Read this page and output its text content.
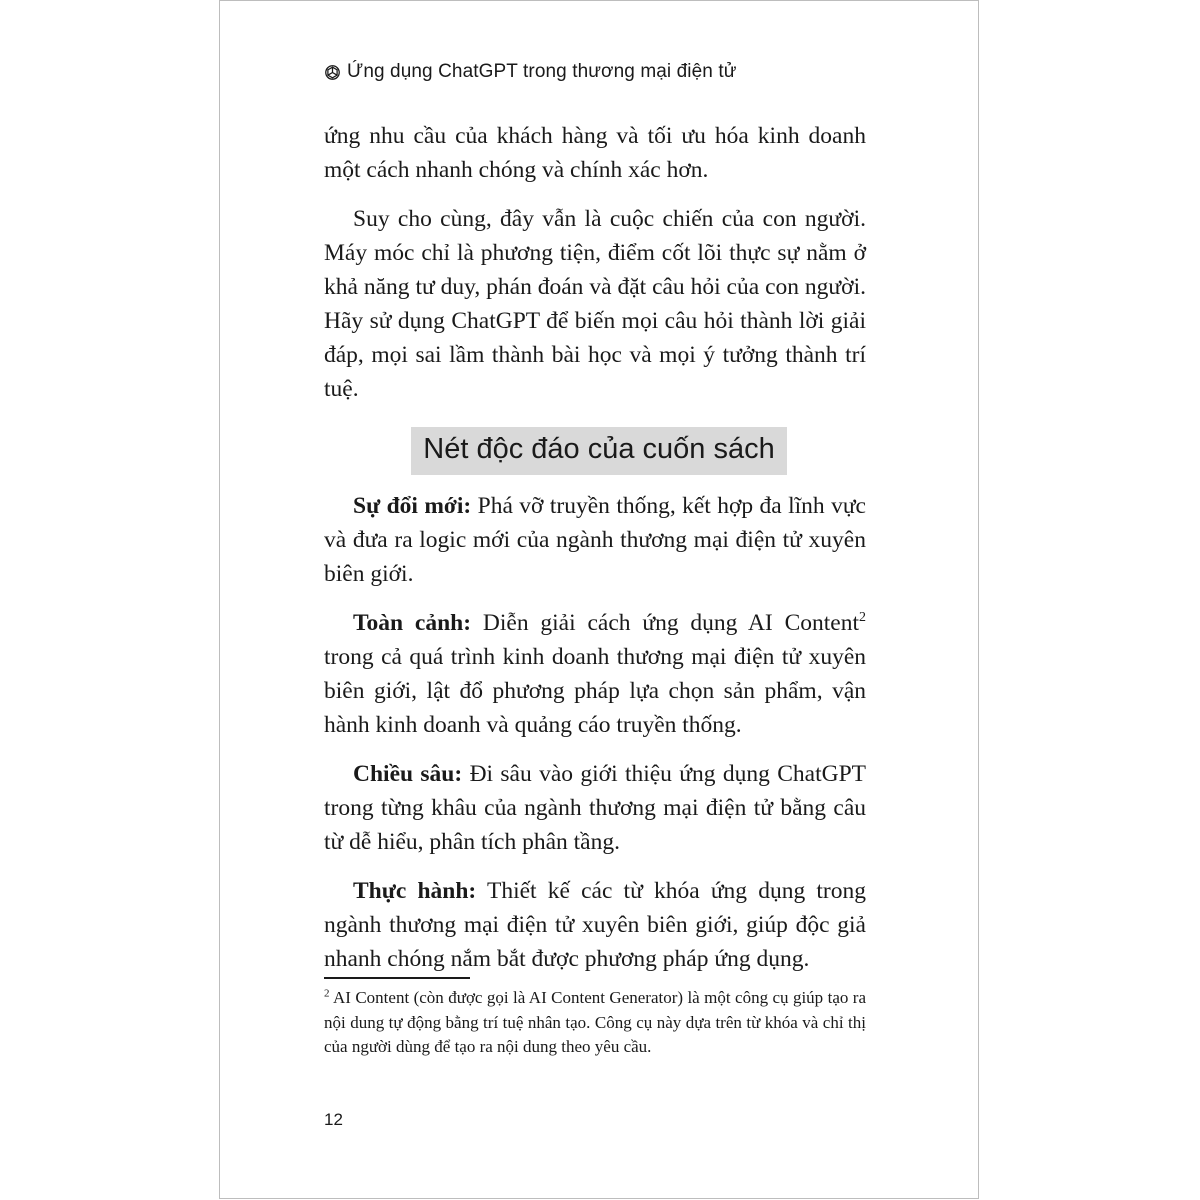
Ứng dụng ChatGPT trong thương mại điện tử

ứng nhu cầu của khách hàng và tối ưu hóa kinh doanh một cách nhanh chóng và chính xác hơn.

Suy cho cùng, đây vẫn là cuộc chiến của con người. Máy móc chỉ là phương tiện, điểm cốt lõi thực sự nằm ở khả năng tư duy, phán đoán và đặt câu hỏi của con người. Hãy sử dụng ChatGPT để biến mọi câu hỏi thành lời giải đáp, mọi sai lầm thành bài học và mọi ý tưởng thành trí tuệ.

Nét độc đáo của cuốn sách

Sự đổi mới: Phá vỡ truyền thống, kết hợp đa lĩnh vực và đưa ra logic mới của ngành thương mại điện tử xuyên biên giới.

Toàn cảnh: Diễn giải cách ứng dụng AI Content$^2$ trong cả quá trình kinh doanh thương mại điện tử xuyên biên giới, lật đổ phương pháp lựa chọn sản phẩm, vận hành kinh doanh và quảng cáo truyền thống.

Chiều sâu: Đi sâu vào giới thiệu ứng dụng ChatGPT trong từng khâu của ngành thương mại điện tử bằng câu từ dễ hiểu, phân tích phân tầng.

Thực hành: Thiết kế các từ khóa ứng dụng trong ngành thương mại điện tử xuyên biên giới, giúp độc giả nhanh chóng nắm bắt được phương pháp ứng dụng.

$^2$ AI Content (còn được gọi là AI Content Generator) là một công cụ giúp tạo ra nội dung tự động bằng trí tuệ nhân tạo. Công cụ này dựa trên từ khóa và chỉ thị của người dùng để tạo ra nội dung theo yêu cầu.
12
